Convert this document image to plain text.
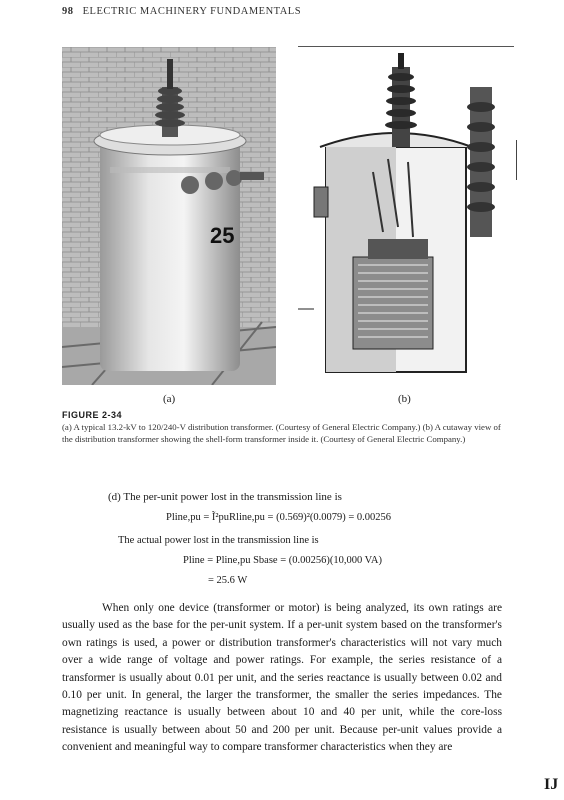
98 ELECTRIC MACHINERY FUNDAMENTALS
25
(a)	(b)
FIGURE 2-34
(a) A typical 13.2-kV to 120/240-V distribution transformer. (Courtesy of General Electric Company.) (b) A cutaway view of the distribution transformer showing the shell-form transformer inside it. (Courtesy of General Electric Company.)
(d) The per-unit power lost in the transmission line is
Pline,pu = Ĩ²puRline,pu = (0.569)²(0.0079) = 0.00256
The actual power lost in the transmission line is
Pline = Pline,pu Sbase = (0.00256)(10,000 VA)
= 25.6 W
When only one device (transformer or motor) is being analyzed, its own ratings are usually used as the base for the per-unit system. If a per-unit system based on the transformer's own ratings is used, a power or distribution transformer's characteristics will not vary much over a wide range of voltage and power ratings. For example, the series resistance of a transformer is usually about 0.01 per unit, and the series reactance is usually between 0.02 and 0.10 per unit. In general, the larger the transformer, the smaller the series impedances. The magnetizing reactance is usually between about 10 and 40 per unit, while the core-loss resistance is usually between about 50 and 200 per unit. Because per-unit values provide a convenient and meaningful way to compare transformer characteristics when they are
IJ
